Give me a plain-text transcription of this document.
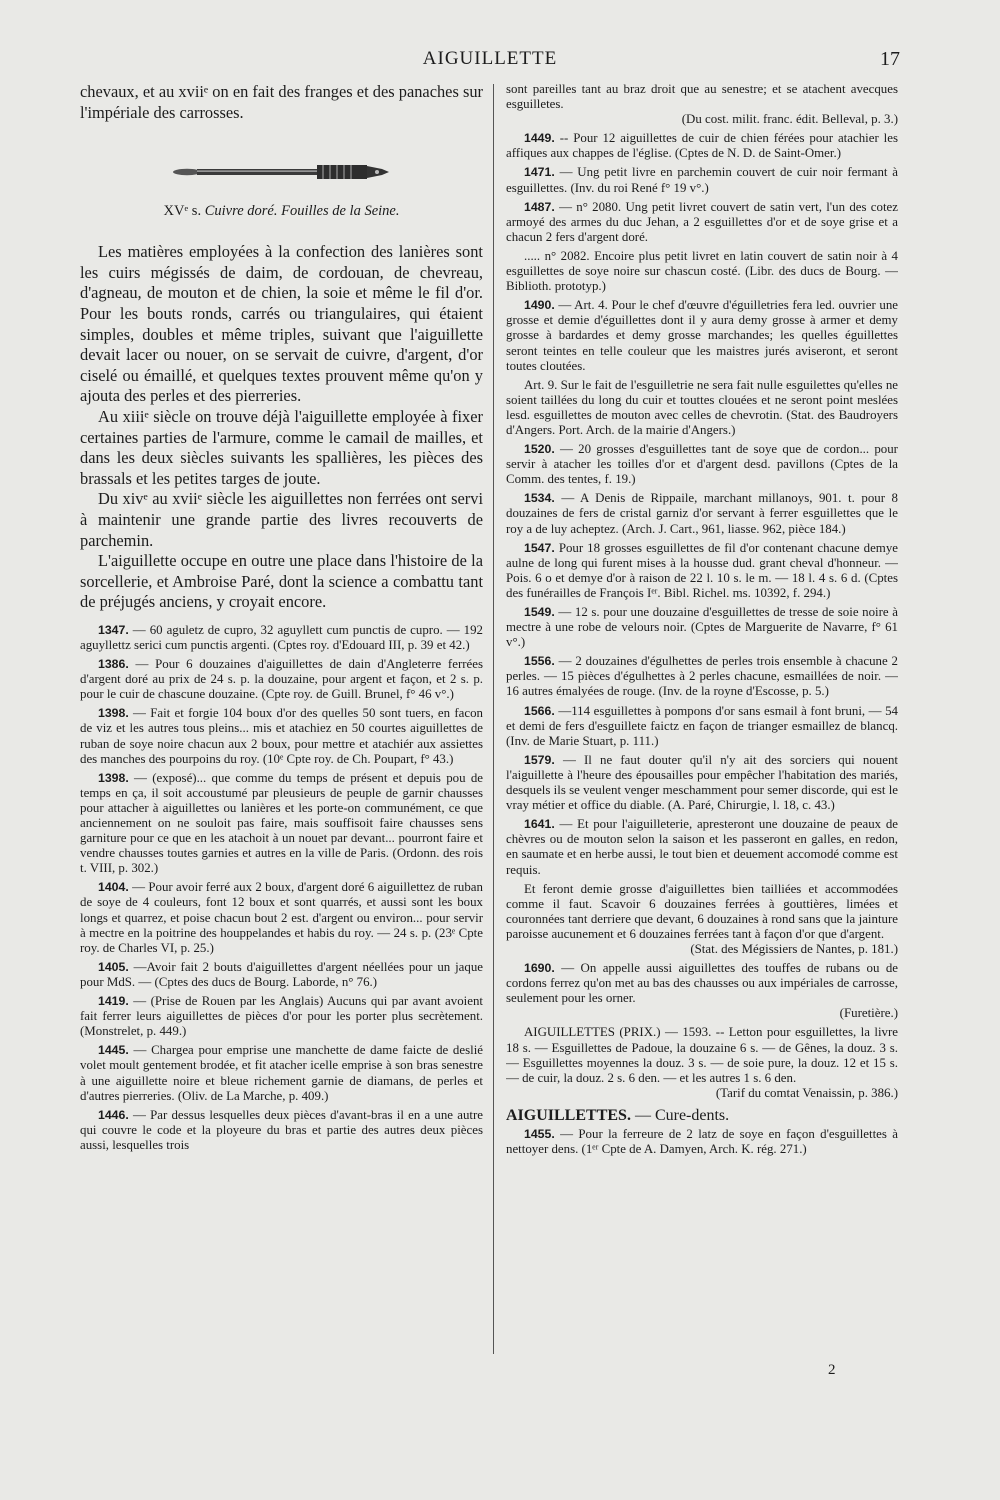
AIGUILLETTE	17

chevaux, et au xviiᵉ on en fait des franges et des panaches sur l'impériale des carrosses.

XVᵉ s. Cuivre doré. Fouilles de la Seine.

Les matières employées à la confection des lanières sont les cuirs mégissés de daim, de cordouan, de chevreau, d'agneau, de mouton et de chien, la soie et même le fil d'or. Pour les bouts ronds, carrés ou triangulaires, qui étaient simples, doubles et même triples, suivant que l'aiguillette devait lacer ou nouer, on se servait de cuivre, d'argent, d'or ciselé ou émaillé, et quelques textes prouvent même qu'on y ajouta des perles et des pierreries.

Au xiiiᵉ siècle on trouve déjà l'aiguillette employée à fixer certaines parties de l'armure, comme le camail de mailles, et dans les deux siècles suivants les spallières, les pièces des brassals et les petites targes de joute.

Du xivᵉ au xviiᵉ siècle les aiguillettes non ferrées ont servi à maintenir une grande partie des livres recouverts de parchemin.

L'aiguillette occupe en outre une place dans l'histoire de la sorcellerie, et Ambroise Paré, dont la science a combattu tant de préjugés anciens, y croyait encore.

1347. — 60 aguletz de cupro, 32 aguyllett cum punctis de cupro. — 192 aguyllettz serici cum punctis argenti. (Cptes roy. d'Edouard III, p. 39 et 42.)

1386. — Pour 6 douzaines d'aiguillettes de dain d'Angleterre ferrées d'argent doré au prix de 24 s. p. la douzaine, pour argent et façon, et 2 s. p. pour le cuir de chascune douzaine. (Cpte roy. de Guill. Brunel, f° 46 v°.)

1398. — Fait et forgie 104 boux d'or des quelles 50 sont tuers, en facon de viz et les autres tous pleins... mis et atachiez en 50 courtes aiguillettes de ruban de soye noire chacun aux 2 boux, pour mettre et atachiér aux assiettes des manches des pourpoins du roy. (10ᵉ Cpte roy. de Ch. Poupart, f° 43.)

1398. — (exposé)... que comme du temps de présent et depuis pou de temps en ça, il soit accoustumé par pleusieurs de peuple de garnir chausses pour attacher à aiguillettes ou lanières et les porte-on communément, ce que anciennement on ne souloit pas faire, mais souffisoit faire chausses sens garniture pour ce que en les atachoit à un nouet par devant... pourront faire et vendre chausses toutes garnies et autres en la ville de Paris. (Ordonn. des rois t. VIII, p. 302.)

1404. — Pour avoir ferré aux 2 boux, d'argent doré 6 aiguillettez de ruban de soye de 4 couleurs, font 12 boux et sont quarrés, et aussi sont les boux longs et quarrez, et poise chacun bout 2 est. d'argent ou environ... pour servir à mectre en la poitrine des houppelandes et habis du roy. — 24 s. p. (23ᵉ Cpte roy. de Charles VI, p. 25.)

1405. —Avoir fait 2 bouts d'aiguillettes d'argent néellées pour un jaque pour MdS. — (Cptes des ducs de Bourg. Laborde, n° 76.)

1419. — (Prise de Rouen par les Anglais) Aucuns qui par avant avoient fait ferrer leurs aiguillettes de pièces d'or pour les porter plus secrètement. (Monstrelet, p. 449.)

1445. — Chargea pour emprise une manchette de dame faicte de deslié volet moult gentement brodée, et fit atacher icelle emprise à son bras senestre à une aiguillette noire et bleue richement garnie de diamans, de perles et d'autres pierreries. (Oliv. de La Marche, p. 409.)

1446. — Par dessus lesquelles deux pièces d'avant-bras il en a une autre qui couvre le code et la ployeure du bras et partie des autres deux pièces aussi, lesquelles trois

sont pareilles tant au braz droit que au senestre; et se atachent avecques esguilletes.
(Du cost. milit. franc. édit. Belleval, p. 3.)

1449. -- Pour 12 aiguillettes de cuir de chien férées pour atachier les affiques aux chappes de l'église. (Cptes de N. D. de Saint-Omer.)

1471. — Ung petit livre en parchemin couvert de cuir noir fermant à esguillettes. (Inv. du roi René f° 19 v°.)

1487. — n° 2080. Ung petit livret couvert de satin vert, l'un des cotez armoyé des armes du duc Jehan, a 2 esguillettes d'or et de soye grise et a chacun 2 fers d'argent doré.

..... n° 2082. Encoire plus petit livret en latin couvert de satin noir à 4 esguillettes de soye noire sur chascun costé. (Libr. des ducs de Bourg. — Biblioth. prototyp.)

1490. — Art. 4. Pour le chef d'œuvre d'éguilletries fera led. ouvrier une grosse et demie d'éguillettes dont il y aura demy grosse à armer et demy grosse à bardardes et demy grosse marchandes; les quelles éguillettes seront teintes en telle couleur que les maistres jurés aviseront, et seront toutes cloutées.

Art. 9. Sur le fait de l'esguilletrie ne sera fait nulle esguilettes qu'elles ne soient taillées du long du cuir et touttes clouées et ne seront point meslées lesd. esguillettes de mouton avec celles de chevrotin. (Stat. des Baudroyers d'Angers. Port. Arch. de la mairie d'Angers.)

1520. — 20 grosses d'esguillettes tant de soye que de cordon... pour servir à atacher les toilles d'or et d'argent desd. pavillons (Cptes de la Comm. des tentes, f. 19.)

1534. — A Denis de Rippaile, marchant millanoys, 901. t. pour 8 douzaines de fers de cristal garniz d'or servant à ferrer esguillettes que le roy a de luy acheptez. (Arch. J. Cart., 961, liasse. 962, pièce 184.)

1547. Pour 18 grosses esguillettes de fil d'or contenant chacune demye aulne de long qui furent mises à la housse dud. grant cheval d'honneur. — Pois. 6 o et demye d'or à raison de 22 l. 10 s. le m. — 18 l. 4 s. 6 d. (Cptes des funérailles de François Iᵉʳ. Bibl. Richel. ms. 10392, f. 294.)

1549. — 12 s. pour une douzaine d'esguillettes de tresse de soie noire à mectre à une robe de velours noir. (Cptes de Marguerite de Navarre, f° 61 v°.)

1556. — 2 douzaines d'égulhettes de perles trois ensemble à chacune 2 perles. — 15 pièces d'égulhettes à 2 perles chacune, esmaillées de noir. — 16 autres émalyées de rouge. (Inv. de la royne d'Escosse, p. 5.)

1566. —114 esguillettes à pompons d'or sans esmail à font bruni, — 54 et demi de fers d'esguillete faictz en façon de trianger esmaillez de blancq. (Inv. de Marie Stuart, p. 111.)

1579. — Il ne faut douter qu'il n'y ait des sorciers qui nouent l'aiguillette à l'heure des épousailles pour empêcher l'habitation des mariés, desquels ils se veulent venger meschamment pour semer discorde, qui est le vray métier et office du diable. (A. Paré, Chirurgie, l. 18, c. 43.)

1641. — Et pour l'aiguilleterie, apresteront une douzaine de peaux de chèvres ou de mouton selon la saison et les passeront en galles, en redon, en saumate et en herbe aussi, le tout bien et deuement accomodé comme est requis.

Et feront demie grosse d'aiguillettes bien tailliées et accommodées comme il faut. Scavoir 6 douzaines ferrées à gouttières, limées et couronnées tant derriere que devant, 6 douzaines à rond sans que la jainture paroisse aucunement et 6 douzaines ferrées tant à façon d'or que d'argent.
(Stat. des Mégissiers de Nantes, p. 181.)

1690. — On appelle aussi aiguillettes des touffes de rubans ou de cordons ferrez qu'on met au bas des chausses ou aux impériales de carrosse, seulement pour les orner.
(Furetière.)

AIGUILLETTES (PRIX.) — 1593. -- Letton pour esguillettes, la livre 18 s. — Esguillettes de Padoue, la douzaine 6 s. — de Gênes, la douz. 3 s. — Esguillettes moyennes la douz. 3 s. — de soie pure, la douz. 12 et 15 s. — de cuir, la douz. 2 s. 6 den. — et les autres 1 s. 6 den.
(Tarif du comtat Venaissin, p. 386.)

AIGUILLETTES. — Cure-dents.

1455. — Pour la ferreure de 2 latz de soye en façon d'esguillettes à nettoyer dens. (1ᵉʳ Cpte de A. Damyen, Arch. K. rég. 271.)

2
